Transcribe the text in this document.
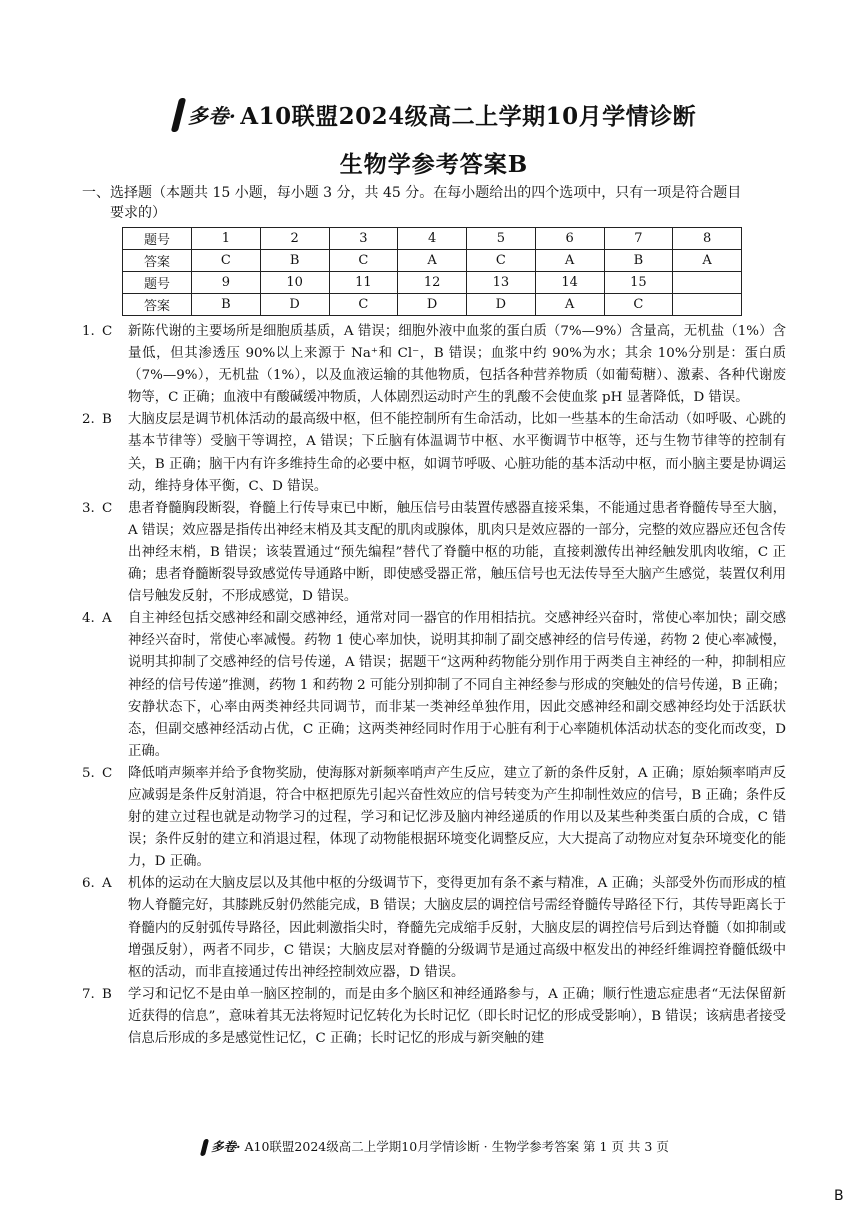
多卷· A10联盟2024级高二上学期10月学情诊断
生物学参考答案B
一、选择题（本题共 15 小题，每小题 3 分，共 45 分。在每小题给出的四个选项中，只有一项是符合题目
要求的）
题号	1	2	3	4	5	6	7	8
答案	C	B	C	A	C	A	B	A
题号	9	10	11	12	13	14	15	
答案	B	D	C	D	D	A	C	
1. C	新陈代谢的主要场所是细胞质基质，A 错误；细胞外液中血浆的蛋白质（7%—9%）含量高，无机盐（1%）含量低，但其渗透压 90%以上来源于 Na⁺和 Cl⁻，B 错误；血浆中约 90%为水；其余 10%分别是：蛋白质（7%—9%），无机盐（1%），以及血液运输的其他物质，包括各种营养物质（如葡萄糖）、激素、各种代谢废物等，C 正确；血液中有酸碱缓冲物质，人体剧烈运动时产生的乳酸不会使血浆 pH 显著降低，D 错误。
2. B	大脑皮层是调节机体活动的最高级中枢，但不能控制所有生命活动，比如一些基本的生命活动（如呼吸、心跳的基本节律等）受脑干等调控，A 错误；下丘脑有体温调节中枢、水平衡调节中枢等，还与生物节律等的控制有关，B 正确；脑干内有许多维持生命的必要中枢，如调节呼吸、心脏功能的基本活动中枢，而小脑主要是协调运动，维持身体平衡，C、D 错误。
3. C	患者脊髓胸段断裂，脊髓上行传导束已中断，触压信号由装置传感器直接采集，不能通过患者脊髓传导至大脑，A 错误；效应器是指传出神经末梢及其支配的肌肉或腺体，肌肉只是效应器的一部分，完整的效应器应还包含传出神经末梢，B 错误；该装置通过“预先编程”替代了脊髓中枢的功能，直接刺激传出神经触发肌肉收缩，C 正确；患者脊髓断裂导致感觉传导通路中断，即使感受器正常，触压信号也无法传导至大脑产生感觉，装置仅利用信号触发反射，不形成感觉，D 错误。
4. A	自主神经包括交感神经和副交感神经，通常对同一器官的作用相拮抗。交感神经兴奋时，常使心率加快；副交感神经兴奋时，常使心率减慢。药物 1 使心率加快，说明其抑制了副交感神经的信号传递，药物 2 使心率减慢，说明其抑制了交感神经的信号传递，A 错误；据题干“这两种药物能分别作用于两类自主神经的一种，抑制相应神经的信号传递”推测，药物 1 和药物 2 可能分别抑制了不同自主神经参与形成的突触处的信号传递，B 正确；安静状态下，心率由两类神经共同调节，而非某一类神经单独作用，因此交感神经和副交感神经均处于活跃状态，但副交感神经活动占优，C 正确；这两类神经同时作用于心脏有利于心率随机体活动状态的变化而改变，D 正确。
5. C	降低哨声频率并给予食物奖励，使海豚对新频率哨声产生反应，建立了新的条件反射，A 正确；原始频率哨声反应减弱是条件反射消退，符合中枢把原先引起兴奋性效应的信号转变为产生抑制性效应的信号，B 正确；条件反射的建立过程也就是动物学习的过程，学习和记忆涉及脑内神经递质的作用以及某些种类蛋白质的合成，C 错误；条件反射的建立和消退过程，体现了动物能根据环境变化调整反应，大大提高了动物应对复杂环境变化的能力，D 正确。
6. A	机体的运动在大脑皮层以及其他中枢的分级调节下，变得更加有条不紊与精准，A 正确；头部受外伤而形成的植物人脊髓完好，其膝跳反射仍然能完成，B 错误；大脑皮层的调控信号需经脊髓传导路径下行，其传导距离长于脊髓内的反射弧传导路径，因此刺激指尖时，脊髓先完成缩手反射，大脑皮层的调控信号后到达脊髓（如抑制或增强反射），两者不同步，C 错误；大脑皮层对脊髓的分级调节是通过高级中枢发出的神经纤维调控脊髓低级中枢的活动，而非直接通过传出神经控制效应器，D 错误。
7. B	学习和记忆不是由单一脑区控制的，而是由多个脑区和神经通路参与，A 正确；顺行性遗忘症患者“无法保留新近获得的信息”，意味着其无法将短时记忆转化为长时记忆（即长时记忆的形成受影响），B 错误；该病患者接受信息后形成的多是感觉性记忆，C 正确；长时记忆的形成与新突触的建
多卷· A10联盟2024级高二上学期10月学情诊断 · 生物学参考答案 第 1 页 共 3 页
B
